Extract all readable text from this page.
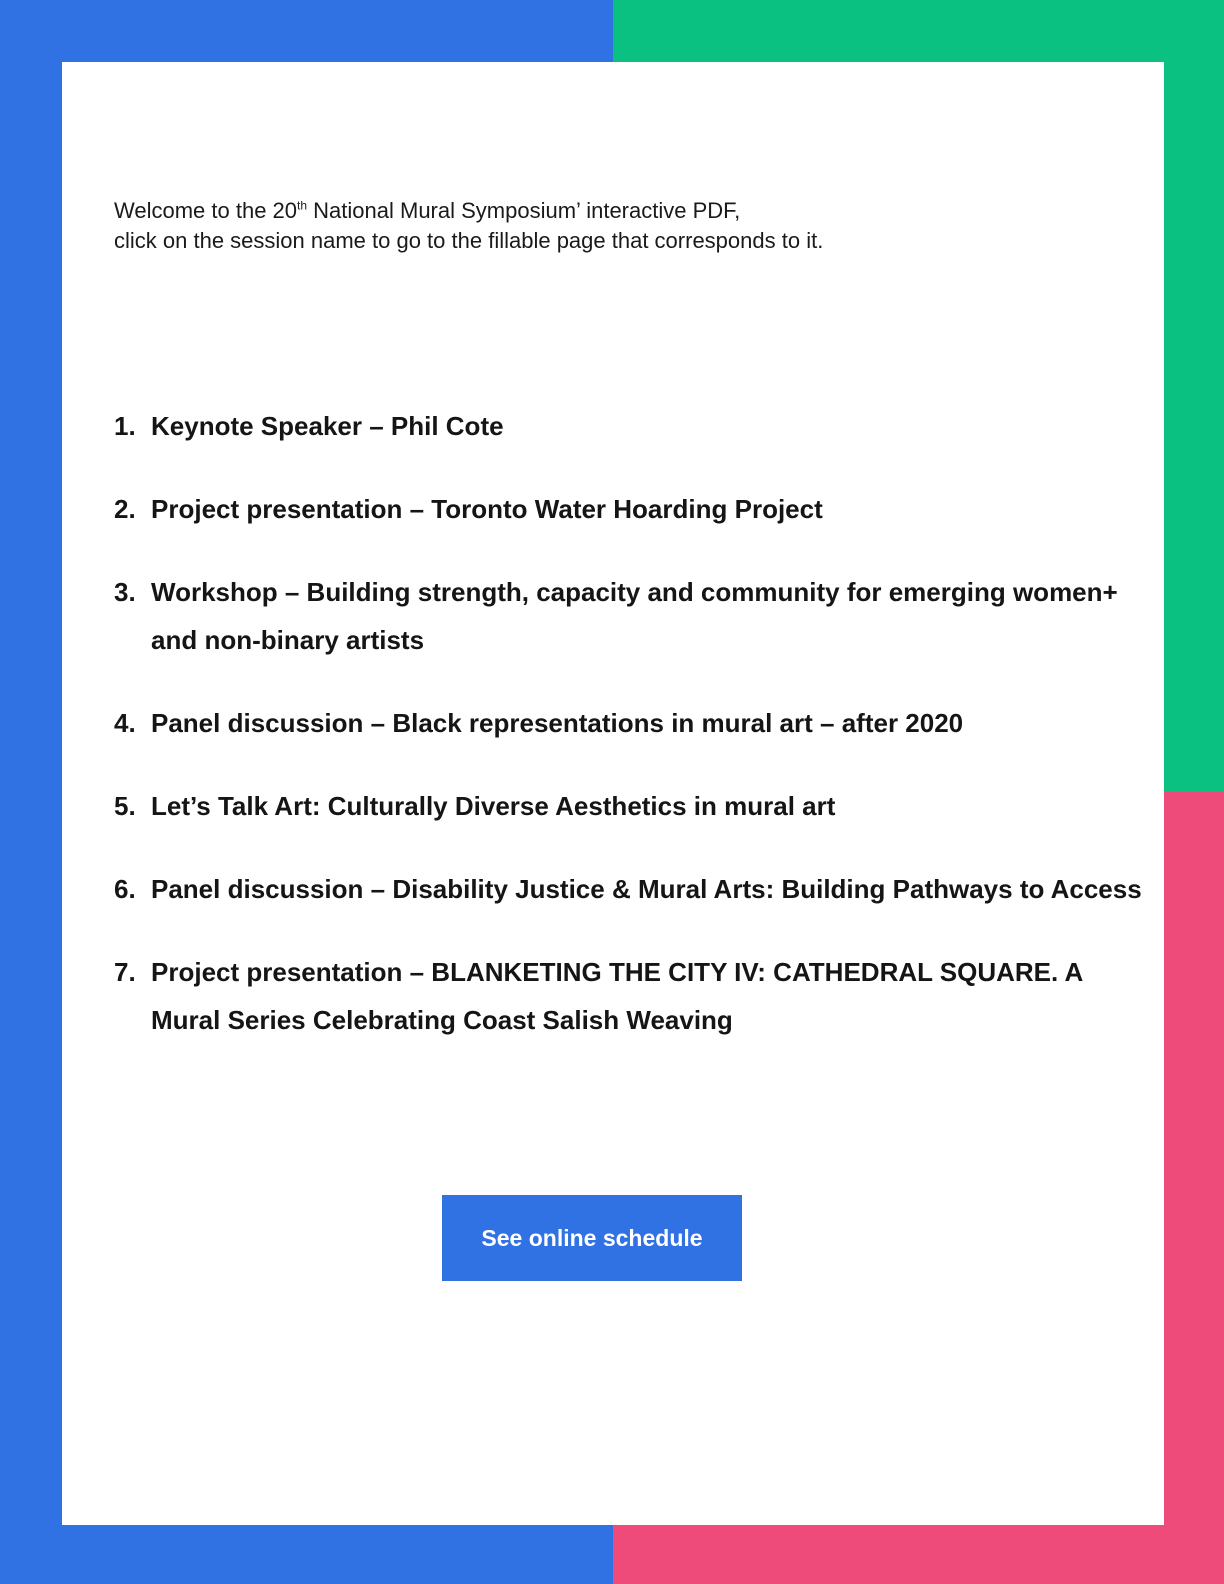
Welcome to the 20th National Mural Symposium’ interactive PDF,
click on the session name to go to the fillable page that corresponds to it.
1. Keynote Speaker – Phil Cote
2. Project presentation – Toronto Water Hoarding Project
3. Workshop – Building strength, capacity and community for emerging women+ and non-binary artists
4. Panel discussion – Black representations in mural art – after 2020
5. Let’s Talk Art: Culturally Diverse Aesthetics in mural art
6. Panel discussion – Disability Justice & Mural Arts: Building Pathways to Access
7. Project presentation – BLANKETING THE CITY IV: CATHEDRAL SQUARE. A Mural Series Celebrating Coast Salish Weaving
See online schedule
